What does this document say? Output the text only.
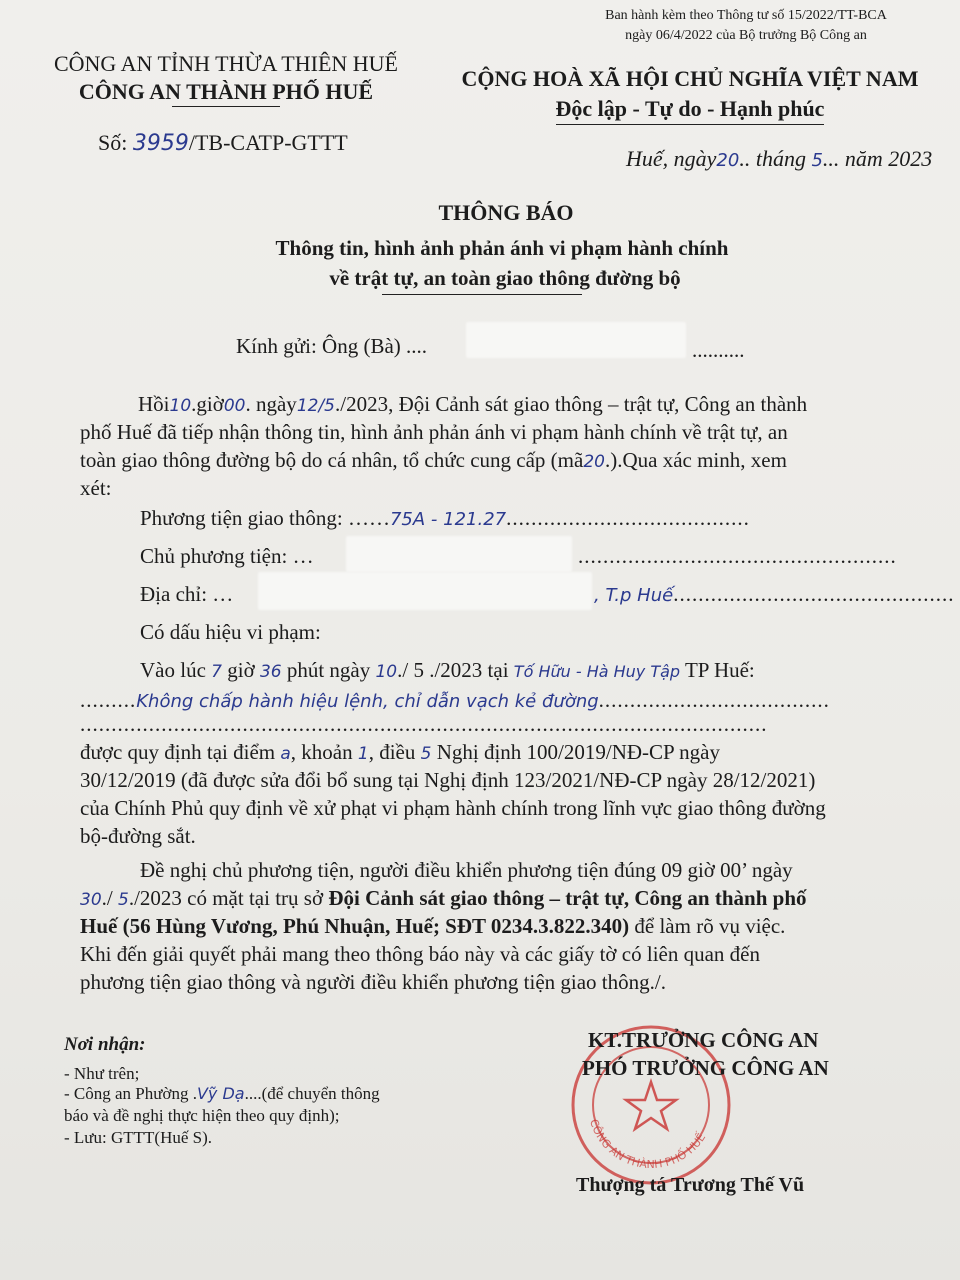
Ban hành kèm theo Thông tư số 15/2022/TT-BCA
ngày 06/4/2022 của Bộ trưởng Bộ Công an
CÔNG AN TỈNH THỪA THIÊN HUẾ
CÔNG AN THÀNH PHỐ HUẾ
Số: 3959/TB-CATP-GTTT
CỘNG HOÀ XÃ HỘI CHỦ NGHĨA VIỆT NAM
Độc lập - Tự do - Hạnh phúc
Huế, ngày20.. tháng 5... năm 2023
THÔNG BÁO
Thông tin, hình ảnh phản ánh vi phạm hành chính
về trật tự, an toàn giao thông đường bộ
Kính gửi: Ông (Bà) ....	..........
Hồi10.giờ00. ngày12/5./2023, Đội Cảnh sát giao thông – trật tự, Công an thành
phố Huế đã tiếp nhận thông tin, hình ảnh phản ánh vi phạm hành chính về trật tự, an
toàn giao thông đường bộ do cá nhân, tổ chức cung cấp (mã20.).Qua xác minh, xem
xét:
Phương tiện giao thông: ……75A - 121.27.......................................
Chủ phương tiện: …	...................................................
Địa chỉ: …	, T.p Huế.............................................
Có dấu hiệu vi phạm:
Vào lúc 7 giờ 36 phút ngày 10./ 5 ./2023 tại Tố Hữu - Hà Huy Tập TP Huế:
.........Không chấp hành hiệu lệnh, chỉ dẫn vạch kẻ đường.....................................
..............................................................................................................
được quy định tại điểm a, khoản 1, điều 5 Nghị định 100/2019/NĐ-CP ngày
30/12/2019 (đã được sửa đổi bổ sung tại Nghị định 123/2021/NĐ-CP ngày 28/12/2021)
của Chính Phủ quy định về xử phạt vi phạm hành chính trong lĩnh vực giao thông đường
bộ-đường sắt.
Đề nghị chủ phương tiện, người điều khiển phương tiện đúng 09 giờ 00’ ngày
30./ 5./2023 có mặt tại trụ sở Đội Cảnh sát giao thông – trật tự, Công an thành phố
Huế (56 Hùng Vương, Phú Nhuận, Huế; SĐT 0234.3.822.340) để làm rõ vụ việc.
Khi đến giải quyết phải mang theo thông báo này và các giấy tờ có liên quan đến
phương tiện giao thông và người điều khiển phương tiện giao thông./.
Nơi nhận:
- Như trên;
- Công an Phường .Vỹ Dạ....(để chuyển thông
báo và đề nghị thực hiện theo quy định);
- Lưu: GTTT(Huế S).
CÔNG AN THÀNH PHỐ HUẾ
KT.TRƯỞNG CÔNG AN
PHÓ TRƯỞNG CÔNG AN
Thượng tá Trương Thế Vũ
